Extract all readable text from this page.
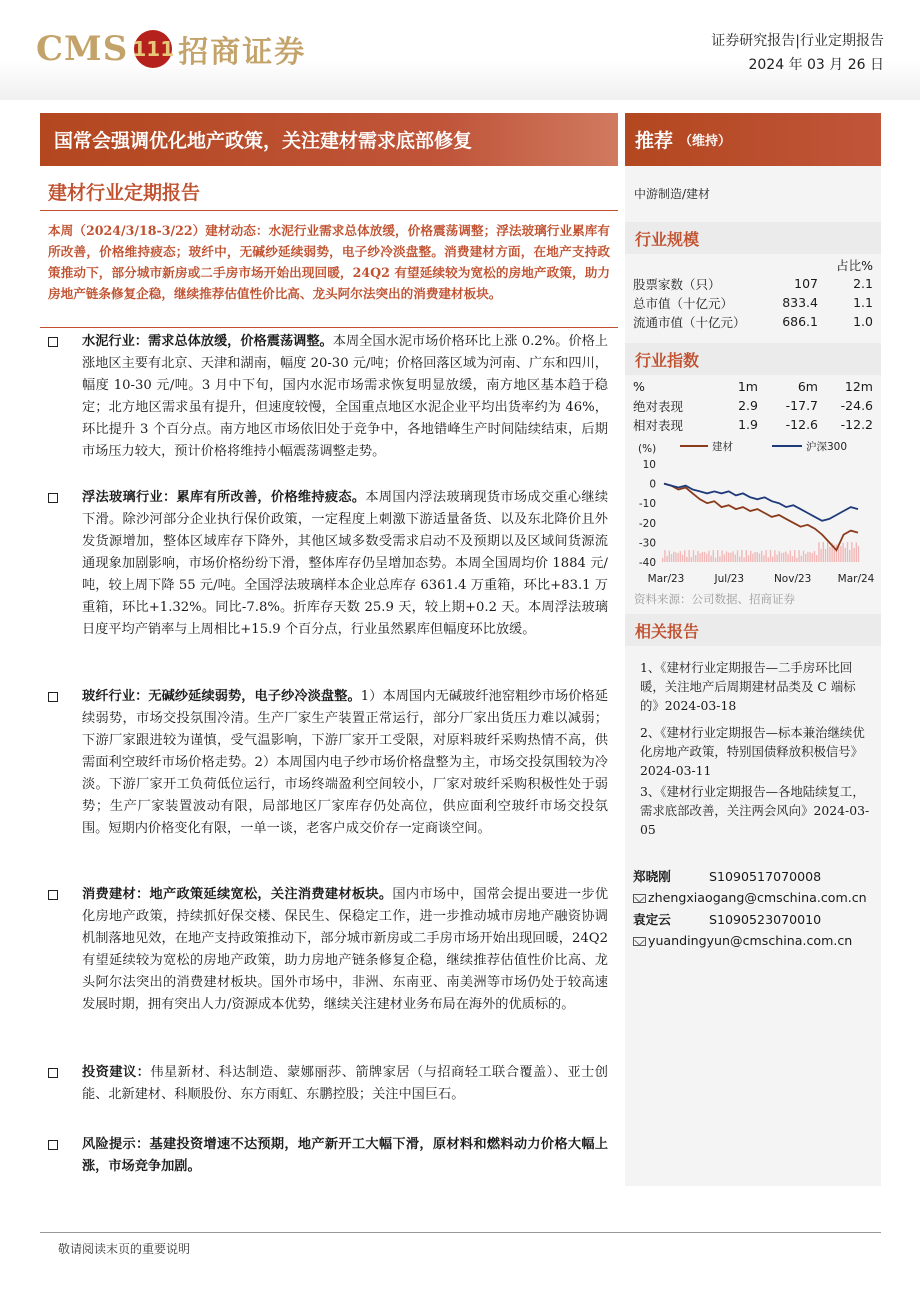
CMS 111 招商证券	证券研究报告|行业定期报告
2024 年 03 月 26 日
国常会强调优化地产政策，关注建材需求底部修复	推荐 （维持）
建材行业定期报告
本周（2024/3/18-3/22）建材动态：水泥行业需求总体放缓，价格震荡调整；浮法玻璃行业累库有所改善，价格维持疲态；玻纤中，无碱纱延续弱势，电子纱冷淡盘整。消费建材方面，在地产支持政策推动下，部分城市新房或二手房市场开始出现回暖，24Q2 有望延续较为宽松的房地产政策，助力房地产链条修复企稳，继续推荐估值性价比高、龙头阿尔法突出的消费建材板块。
水泥行业：需求总体放缓，价格震荡调整。本周全国水泥市场价格环比上涨 0.2%。价格上涨地区主要有北京、天津和湖南，幅度 20-30 元/吨；价格回落区域为河南、广东和四川，幅度 10-30 元/吨。3 月中下旬，国内水泥市场需求恢复明显放缓，南方地区基本趋于稳定；北方地区需求虽有提升，但速度较慢，全国重点地区水泥企业平均出货率约为 46%，环比提升 3 个百分点。南方地区市场依旧处于竞争中，各地错峰生产时间陆续结束，后期市场压力较大，预计价格将维持小幅震荡调整走势。
浮法玻璃行业：累库有所改善，价格维持疲态。本周国内浮法玻璃现货市场成交重心继续下滑。除沙河部分企业执行保价政策，一定程度上刺激下游适量备货、以及东北降价且外发货源增加，整体区域库存下降外，其他区域多数受需求启动不及预期以及区域间货源流通现象加剧影响，市场价格纷纷下滑，整体库存仍呈增加态势。本周全国周均价 1884 元/吨，较上周下降 55 元/吨。全国浮法玻璃样本企业总库存 6361.4 万重箱，环比+83.1 万重箱，环比+1.32%。同比-7.8%。折库存天数 25.9 天，较上期+0.2 天。本周浮法玻璃日度平均产销率与上周相比+15.9 个百分点，行业虽然累库但幅度环比放缓。
玻纤行业：无碱纱延续弱势，电子纱冷淡盘整。1）本周国内无碱玻纤池窑粗纱市场价格延续弱势，市场交投氛围冷清。生产厂家生产装置正常运行，部分厂家出货压力难以减弱；下游厂家跟进较为谨慎，受气温影响，下游厂家开工受限，对原料玻纤采购热情不高，供需面利空玻纤市场价格走势。2）本周国内电子纱市场价格盘整为主，市场交投氛围较为冷淡。下游厂家开工负荷低位运行，市场终端盈利空间较小，厂家对玻纤采购积极性处于弱势；生产厂家装置波动有限，局部地区厂家库存仍处高位，供应面利空玻纤市场交投氛围。短期内价格变化有限，一单一谈，老客户成交价存一定商谈空间。
消费建材：地产政策延续宽松，关注消费建材板块。国内市场中，国常会提出要进一步优化房地产政策，持续抓好保交楼、保民生、保稳定工作，进一步推动城市房地产融资协调机制落地见效，在地产支持政策推动下，部分城市新房或二手房市场开始出现回暖，24Q2 有望延续较为宽松的房地产政策，助力房地产链条修复企稳，继续推荐估值性价比高、龙头阿尔法突出的消费建材板块。国外市场中，非洲、东南亚、南美洲等市场仍处于较高速发展时期，拥有突出人力/资源成本优势，继续关注建材业务布局在海外的优质标的。
投资建议：伟星新材、科达制造、蒙娜丽莎、箭牌家居（与招商轻工联合覆盖）、亚士创能、北新建材、科顺股份、东方雨虹、东鹏控股；关注中国巨石。
风险提示：基建投资增速不达预期，地产新开工大幅下滑，原材料和燃料动力价格大幅上涨，市场竞争加剧。
中游制造/建材
行业规模
占比%
股票家数（只）	107	2.1
总市值（十亿元）	833.4	1.1
流通市值（十亿元）	686.1	1.0
行业指数
%	1m	6m	12m
绝对表现	2.9	-17.7	-24.6
相对表现	1.9	-12.6	-12.2
(%)	建材	沪深300
10
0
-10
-20
-30
-40
Mar/23	Jul/23	Nov/23	Mar/24
资料来源：公司数据、招商证券
相关报告
1、《建材行业定期报告—二手房环比回暖，关注地产后周期建材品类及 C 端标的》2024-03-18
2、《建材行业定期报告—标本兼治继续优化房地产政策，特别国债释放积极信号》2024-03-11
3、《建材行业定期报告—各地陆续复工，需求底部改善，关注两会风向》2024-03-05
郑晓刚	S1090517070008
zhengxiaogang@cmschina.com.cn
袁定云	S1090523070010
yuandingyun@cmschina.com.cn
敬请阅读末页的重要说明
